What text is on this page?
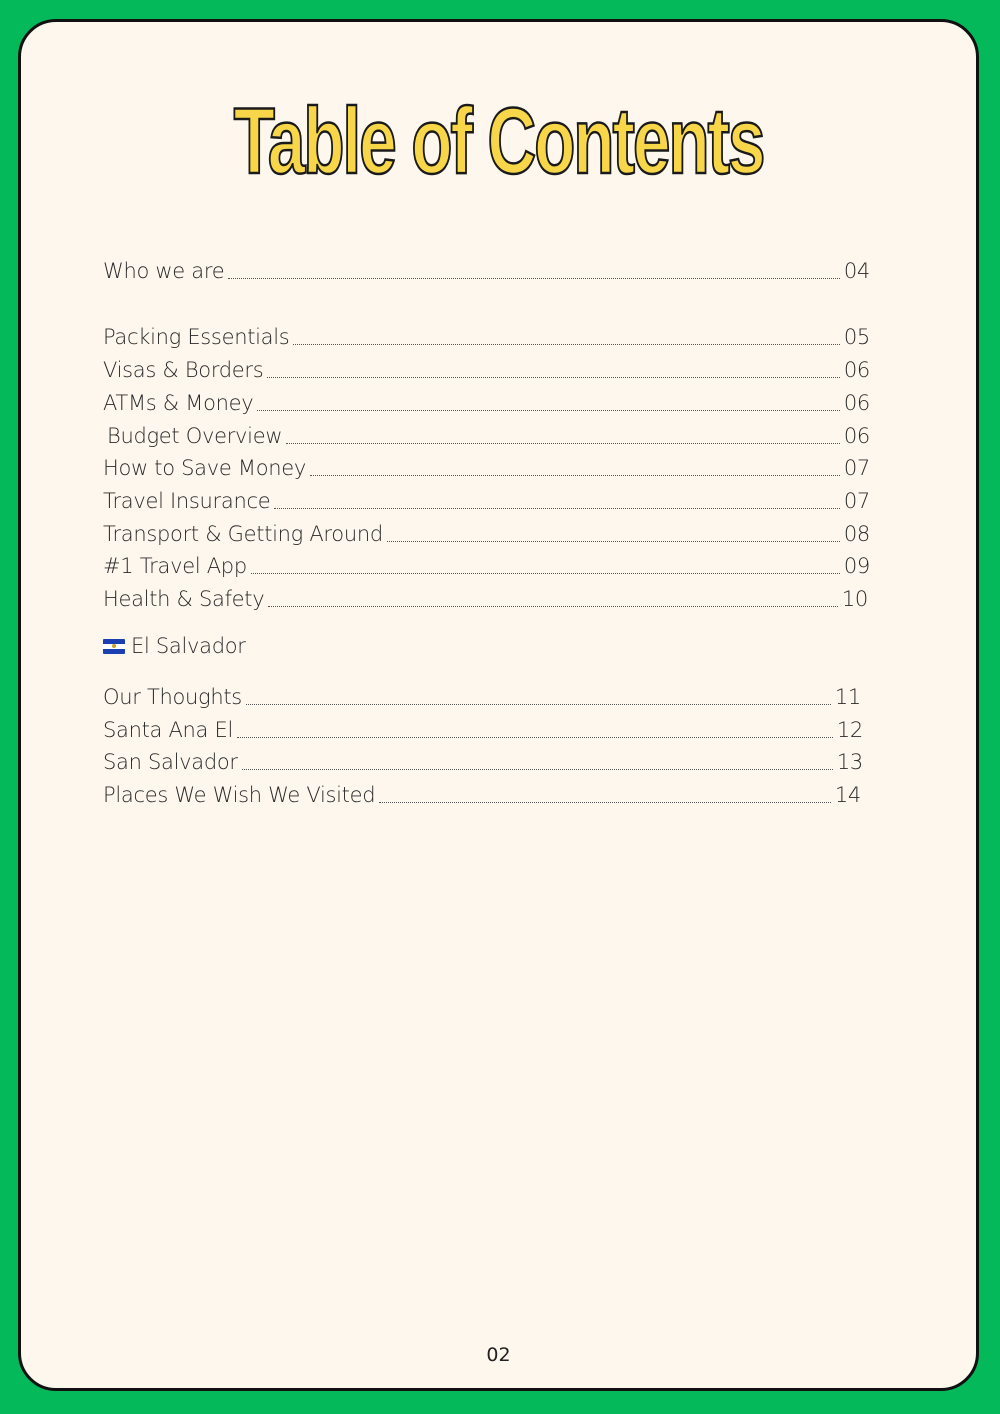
Table of Contents
Who we are	04
Packing Essentials	05
Visas & Borders	06
ATMs & Money	06
Budget Overview	06
How to Save Money	07
Travel Insurance	07
Transport & Getting Around	08
#1 Travel App	09
Health & Safety	10
El Salvador
Our Thoughts	11
Santa Ana El	12
San Salvador	13
Places We Wish We Visited	14
02
